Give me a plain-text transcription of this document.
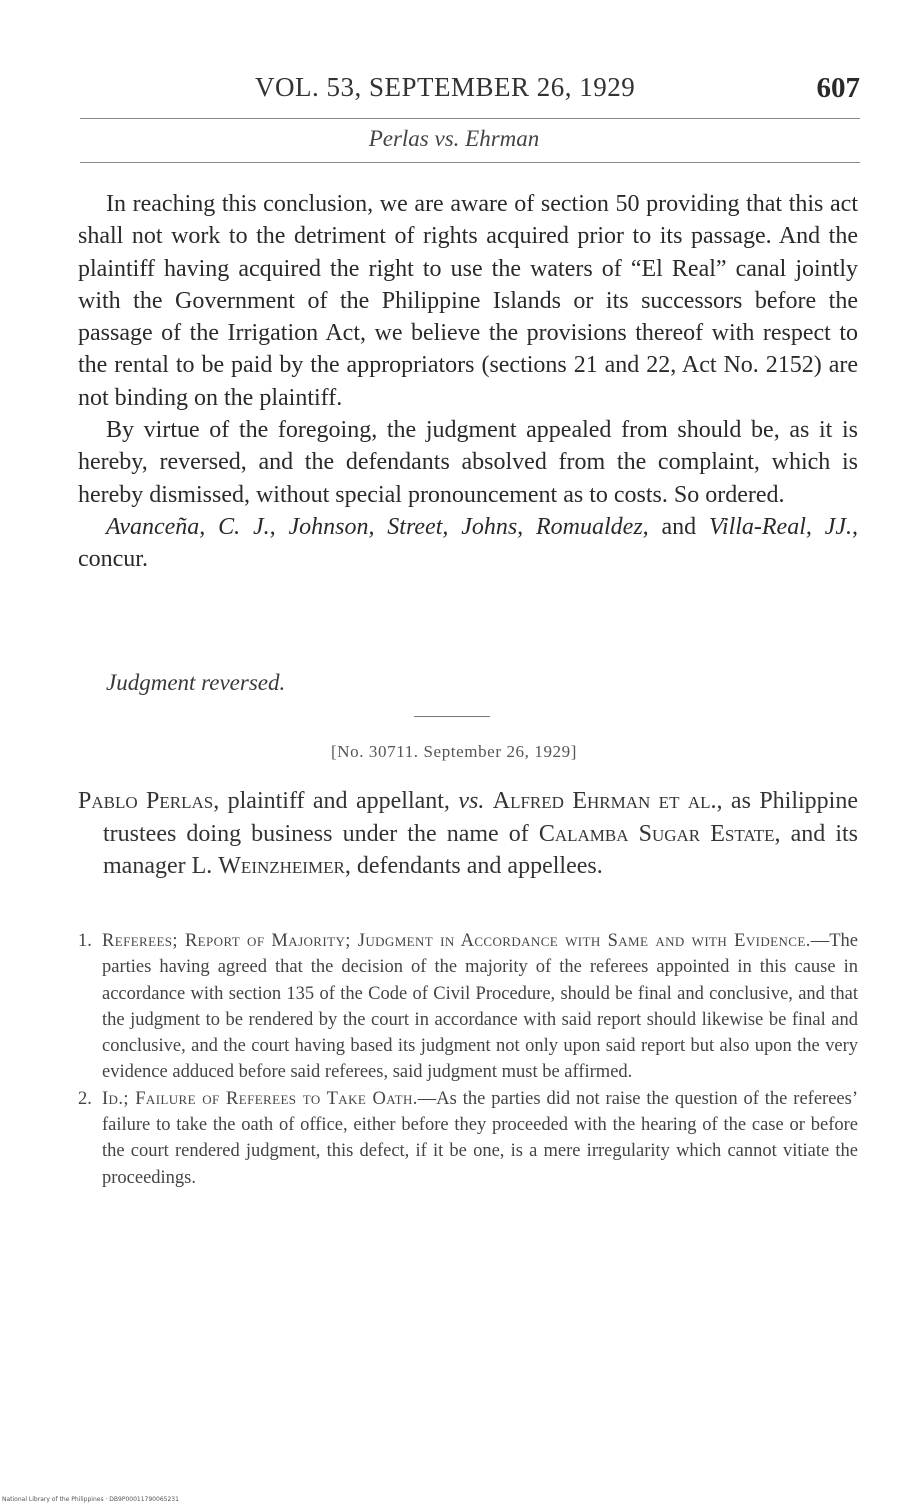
VOL. 53, SEPTEMBER 26, 1929	607
Perlas vs. Ehrman

In reaching this conclusion, we are aware of section 50 providing that this act shall not work to the detriment of rights acquired prior to its passage. And the plaintiff having acquired the right to use the waters of “El Real” canal jointly with the Government of the Philippine Islands or its successors before the passage of the Irrigation Act, we believe the provisions thereof with respect to the rental to be paid by the appropriators (sections 21 and 22, Act No. 2152) are not binding on the plaintiff.

By virtue of the foregoing, the judgment appealed from should be, as it is hereby, reversed, and the defendants absolved from the complaint, which is hereby dismissed, without special pronouncement as to costs. So ordered.

Avanceña, C. J., Johnson, Street, Johns, Romualdez, and Villa-Real, JJ., concur.

Judgment reversed.
[No. 30711. September 26, 1929]
Pablo Perlas, plaintiff and appellant, vs. Alfred Ehrman et al., as Philippine trustees doing business under the name of Calamba Sugar Estate, and its manager L. Weinzheimer, defendants and appellees.
1. Referees; Report of Majority; Judgment in Accordance with Same and with Evidence.—The parties having agreed that the decision of the majority of the referees appointed in this cause in accordance with section 135 of the Code of Civil Procedure, should be final and conclusive, and that the judgment to be rendered by the court in accordance with said report should likewise be final and conclusive, and the court having based its judgment not only upon said report but also upon the very evidence adduced before said referees, said judgment must be affirmed.
2. Id.; Failure of Referees to Take Oath.—As the parties did not raise the question of the referees’ failure to take the oath of office, either before they proceeded with the hearing of the case or before the court rendered judgment, this defect, if it be one, is a mere irregularity which cannot vitiate the proceedings.
National Library of the Philippines · DB9P00011790065231
